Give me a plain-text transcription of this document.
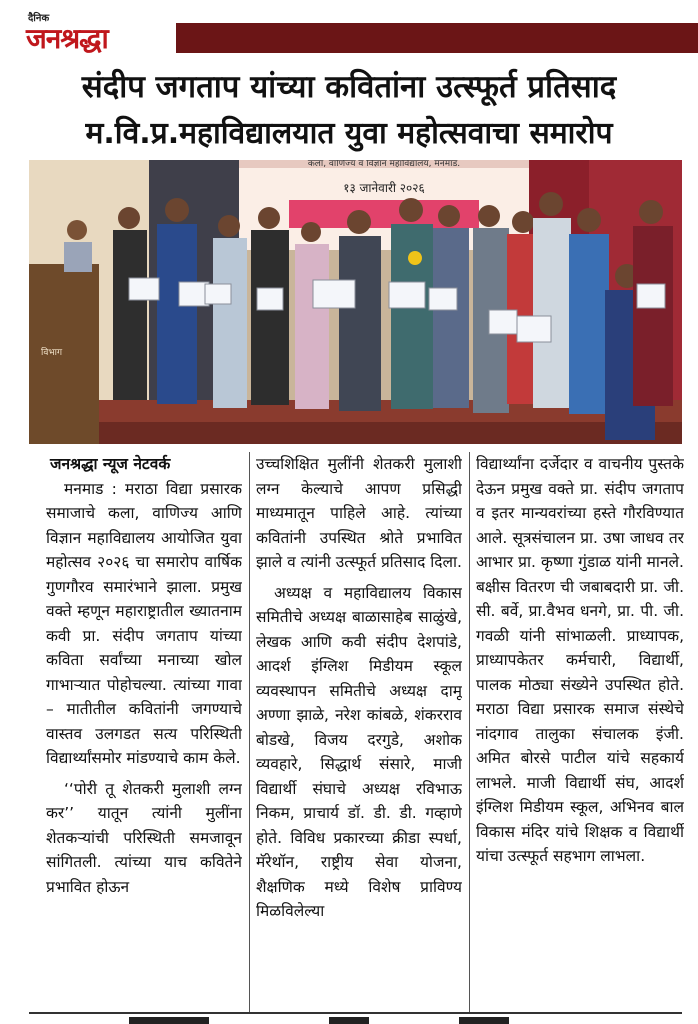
दैनिक
जनश्रद्धा
संदीप जगताप यांच्या कवितांना उत्स्फूर्त प्रतिसाद
म.वि.प्र.महाविद्यालयात युवा महोत्सवाचा समारोप
कला, वाणिज्य व विज्ञान महाविद्यालय, मनमाड.
१३ जानेवारी २०२६
विभाग

जनश्रद्धा न्यूज नेटवर्क

मनमाड : मराठा विद्या प्रसारक समाजाचे कला, वाणिज्य आणि विज्ञान महाविद्यालय आयोजित युवा महोत्सव २०२६ चा समारोप वार्षिक गुणगौरव समारंभाने झाला. प्रमुख वक्ते म्हणून महाराष्ट्रातील ख्यातनाम कवी प्रा. संदीप जगताप यांच्या कविता सर्वांच्या मनाच्या खोल गाभाऱ्यात पोहोचल्या. त्यांच्या गावा – मातीतील कवितांनी जगण्याचे वास्तव उलगडत सत्य परिस्थिती विद्यार्थ्यांसमोर मांडण्याचे काम केले.

‘‘पोरी तू शेतकरी मुलाशी लग्न कर’’ यातून त्यांनी मुलींना शेतकऱ्यांची परिस्थिती समजावून सांगितली. त्यांच्या याच कवितेने प्रभावित होऊन

उच्चशिक्षित मुलींनी शेतकरी मुलाशी लग्न केल्याचे आपण प्रसिद्धी माध्यमातून पाहिले आहे. त्यांच्या कवितांनी उपस्थित श्रोते प्रभावित झाले व त्यांनी उत्स्फूर्त प्रतिसाद दिला.

अध्यक्ष व महाविद्यालय विकास समितीचे अध्यक्ष बाळासाहेब साळुंखे, लेखक आणि कवी संदीप देशपांडे, आदर्श इंग्लिश मिडीयम स्कूल व्यवस्थापन समितीचे अध्यक्ष दामू अण्णा झाळे, नरेश कांबळे, शंकरराव बोडखे, विजय दरगुडे, अशोक व्यवहारे, सिद्धार्थ संसारे, माजी विद्यार्थी संघाचे अध्यक्ष रविभाऊ निकम, प्राचार्य डॉ. डी. डी. गव्हाणे होते. विविध प्रकारच्या क्रीडा स्पर्धा, मॅरेथॉन, राष्ट्रीय सेवा योजना, शैक्षणिक मध्ये विशेष प्राविण्य मिळविलेल्या

विद्यार्थ्यांना दर्जेदार व वाचनीय पुस्तके देऊन प्रमुख वक्ते प्रा. संदीप जगताप व इतर मान्यवरांच्या हस्ते गौरविण्यात आले. सूत्रसंचालन प्रा. उषा जाधव तर आभार प्रा. कृष्णा गुंडाळ यांनी मानले. बक्षीस वितरण ची जबाबदारी प्रा. जी. सी. बर्वे, प्रा.वैभव धनगे, प्रा. पी. जी. गवळी यांनी सांभाळली. प्राध्यापक, प्राध्यापकेतर कर्मचारी, विद्यार्थी, पालक मोठ्या संख्येने उपस्थित होते. मराठा विद्या प्रसारक समाज संस्थेचे नांदगाव तालुका संचालक इंजी. अमित बोरसे पाटील यांचे सहकार्य लाभले. माजी विद्यार्थी संघ, आदर्श इंग्लिश मिडीयम स्कूल, अभिनव बाल विकास मंदिर यांचे शिक्षक व विद्यार्थी यांचा उत्स्फूर्त सहभाग लाभला.
